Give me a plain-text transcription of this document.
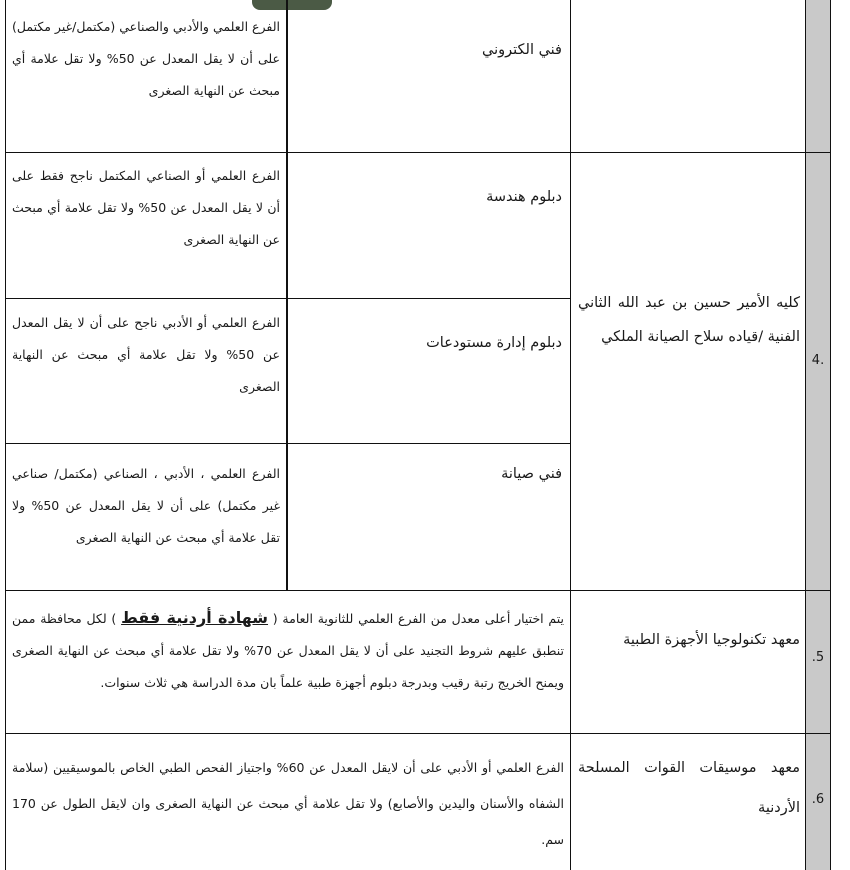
الفرع العلمي والأدبي والصناعي (مكتمل/غير مكتمل) على أن لا يقل المعدل عن 50% ولا تقل علامة أي مبحث عن النهاية الصغرى
فني الكتروني
4.
كليه الأمير حسين بن عبد الله الثاني الفنية /قياده سلاح الصيانة الملكي
دبلوم هندسة
الفرع العلمي أو الصناعي المكتمل ناجح فقط على أن لا يقل المعدل عن 50% ولا تقل علامة أي مبحث عن النهاية الصغرى
دبلوم إدارة مستودعات
الفرع العلمي أو الأدبي ناجح على أن لا يقل المعدل عن 50% ولا تقل علامة أي مبحث عن النهاية الصغرى
فني صيانة
الفرع العلمي ، الأدبي ، الصناعي (مكتمل/ صناعي غير مكتمل) على أن لا يقل المعدل عن 50% ولا تقل علامة أي مبحث عن النهاية الصغرى
.5
معهد تكنولوجيا الأجهزة الطبية
يتم اختيار أعلى معدل من الفرع العلمي للثانوية العامة ( شهادة أردنية فقط ) لكل محافظة ممن تنطبق عليهم شروط التجنيد على أن لا يقل المعدل عن 70% ولا تقل علامة أي مبحث عن النهاية الصغرى ويمنح الخريج رتبة رقيب وبدرجة دبلوم أجهزة طبية علماً بان مدة الدراسة هي ثلاث سنوات.
.6
معهد موسيقات القوات المسلحة الأردنية
الفرع العلمي أو الأدبي على أن لايقل المعدل عن 60% واجتياز الفحص الطبي الخاص بالموسيقيين (سلامة الشفاه والأسنان واليدين والأصابع) ولا تقل علامة أي مبحث عن النهاية الصغرى وان لايقل الطول عن 170 سم.
